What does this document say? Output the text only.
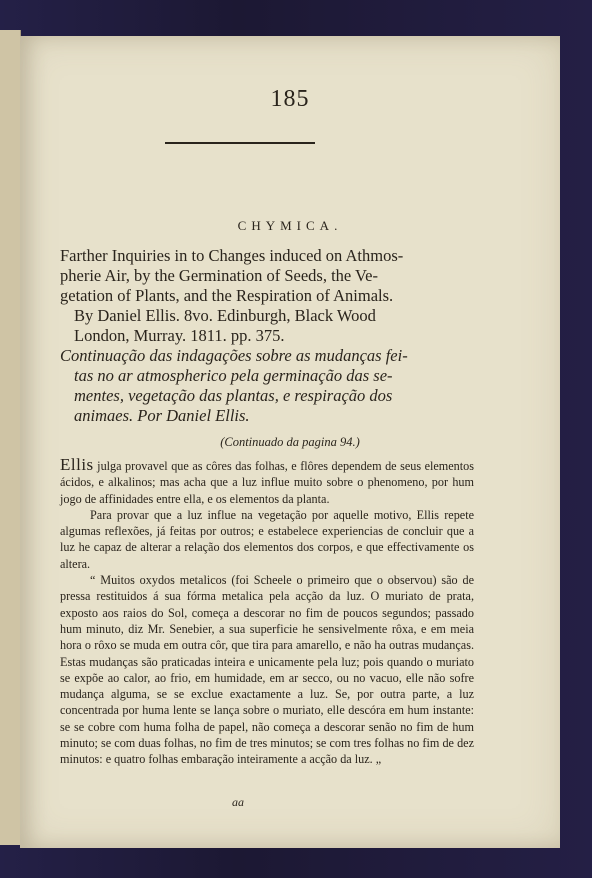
185

CHYMICA.
Farther Inquiries in to Changes induced on Athmos-
pherie Air, by the Germination of Seeds, the Ve-
getation of Plants, and the Respiration of Animals.
By Daniel Ellis. 8vo. Edinburgh, Black Wood
London, Murray. 1811. pp. 375.
Continuação das indagações sobre as mudanças fei-
tas no ar atmospherico pela germinação das se-
mentes, vegetação das plantas, e respiração dos
animaes. Por Daniel Ellis.
(Continuado da pagina 94.)

Ellis julga provavel que as côres das folhas, e flôres dependem de seus elementos ácidos, e alkalinos; mas acha que a luz influe muito sobre o phenomeno, por hum jogo de affinidades entre ella, e os elementos da planta.

Para provar que a luz influe na vegetação por aquelle motivo, Ellis repete algumas reflexões, já feitas por outros; e estabelece experiencias de concluir que a luz he capaz de alterar a relação dos elementos dos corpos, e que effectivamente os altera.

“ Muitos oxydos metalicos (foi Scheele o primeiro que o observou) são de pressa restituidos á sua fórma metalica pela acção da luz. O muriato de prata, exposto aos raios do Sol, começa a descorar no fim de poucos segundos; passado hum minuto, diz Mr. Senebier, a sua superficie he sensivelmente rôxa, e em meia hora o rôxo se muda em outra côr, que tira para amarello, e não ha outras mudanças. Estas mudanças são praticadas inteira e unicamente pela luz; pois quando o muriato se expõe ao calor, ao frio, em humidade, em ar secco, ou no vacuo, elle não sofre mudança alguma, se se exclue exactamente a luz. Se, por outra parte, a luz concentrada por huma lente se lança sobre o muriato, elle descóra em hum instante: se se cobre com huma folha de papel, não começa a descorar senão no fim de hum minuto; se com duas folhas, no fim de tres minutos; se com tres folhas no fim de dez minutos: e quatro folhas embaração inteiramente a acção da luz. „

aa
